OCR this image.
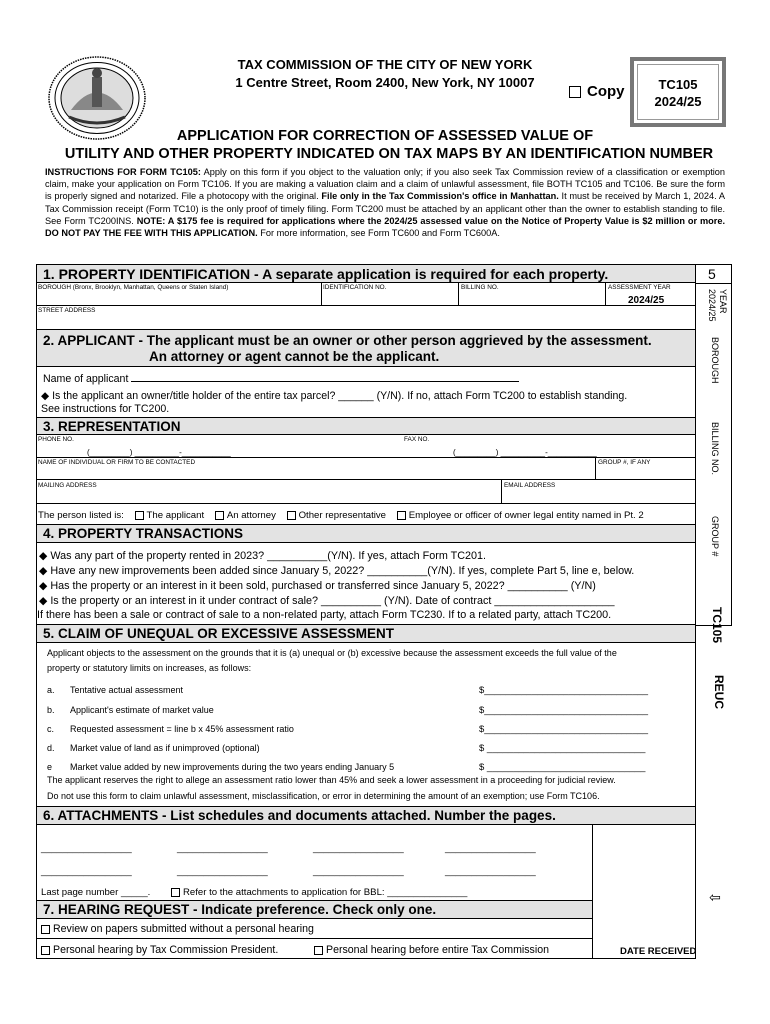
TAX COMMISSION OF THE CITY OF NEW YORK
1 Centre Street, Room 2400, New York, NY 10007
Copy	TC105
2024/25
APPLICATION FOR CORRECTION OF ASSESSED VALUE OF
UTILITY AND OTHER PROPERTY INDICATED ON TAX MAPS BY AN IDENTIFICATION NUMBER
INSTRUCTIONS FOR FORM TC105: Apply on this form if you object to the valuation only; if you also seek Tax Commission review of a classification or exemption claim, make your application on Form TC106. If you are making a valuation claim and a claim of unlawful assessment, file BOTH TC105 and TC106. Be sure the form is properly signed and notarized. File a photocopy with the original. File only in the Tax Commission's office in Manhattan. It must be received by March 1, 2024. A Tax Commission receipt (Form TC10) is the only proof of timely filing. Form TC200 must be attached by an applicant other than the owner to establish standing to file. See Form TC200INS. NOTE: A $175 fee is required for applications where the 2024/25 assessed value on the Notice of Property Value is $2 million or more. DO NOT PAY THE FEE WITH THIS APPLICATION. For more information, see Form TC600 and Form TC600A.
1. PROPERTY IDENTIFICATION - A separate application is required for each property.
BOROUGH (Bronx, Brooklyn, Manhattan, Queens or Staten Island)	IDENTIFICATION NO.	BILLING NO.	ASSESSMENT YEAR
2024/25
STREET ADDRESS
2. APPLICANT - The applicant must be an owner or other person aggrieved by the assessment.
An attorney or agent cannot be the applicant.
Name of applicant
◆ Is the applicant an owner/title holder of the entire tax parcel? ______ (Y/N). If no, attach Form TC200 to establish standing.
See instructions for TC200.
3. REPRESENTATION
PHONE NO.	FAX NO.
(_________) __________-___________	(_________) __________-___________
NAME OF INDIVIDUAL OR FIRM TO BE CONTACTED	GROUP #, IF ANY
MAILING ADDRESS	EMAIL ADDRESS
The person listed is: The applicant An attorney Other representative Employee or officer of owner legal entity named in Pt. 2
4. PROPERTY TRANSACTIONS
◆ Was any part of the property rented in 2023? __________(Y/N). If yes, attach Form TC201.
◆ Have any new improvements been added since January 5, 2022? __________(Y/N). If yes, complete Part 5, line e, below.
◆ Has the property or an interest in it been sold, purchased or transferred since January 5, 2022? __________ (Y/N)
◆ Is the property or an interest in it under contract of sale? __________ (Y/N). Date of contract ____________________
If there has been a sale or contract of sale to a non-related party, attach Form TC230. If to a related party, attach TC200.
5. CLAIM OF UNEQUAL OR EXCESSIVE ASSESSMENT
Applicant objects to the assessment on the grounds that it is (a) unequal or (b) excessive because the assessment exceeds the full value of the
property or statutory limits on increases, as follows:
a. Tentative actual assessment	$_______________________________
b. Applicant's estimate of market value	$_______________________________
c. Requested assessment = line b x 45% assessment ratio	$_______________________________
d. Market value of land as if unimproved (optional)	$ ______________________________
e Market value added by new improvements during the two years ending January 5	$ ______________________________
The applicant reserves the right to allege an assessment ratio lower than 45% and seek a lower assessment in a proceeding for judicial review.
Do not use this form to claim unlawful assessment, misclassification, or error in determining the amount of an exemption; use Form TC106.
6. ATTACHMENTS - List schedules and documents attached. Number the pages.
_________________	_________________	_________________	_________________
_________________	_________________	_________________	_________________
Last page number _____.	Refer to the attachments to application for BBL: _______________
7. HEARING REQUEST - Indicate preference. Check only one.
Review on papers submitted without a personal hearing
Personal hearing by Tax Commission President.	Personal hearing before entire Tax Commission	DATE RECEIVED
⇦
5
YEAR
2024/25
BOROUGH
BILLING NO.
GROUP #
TC105
REUC
